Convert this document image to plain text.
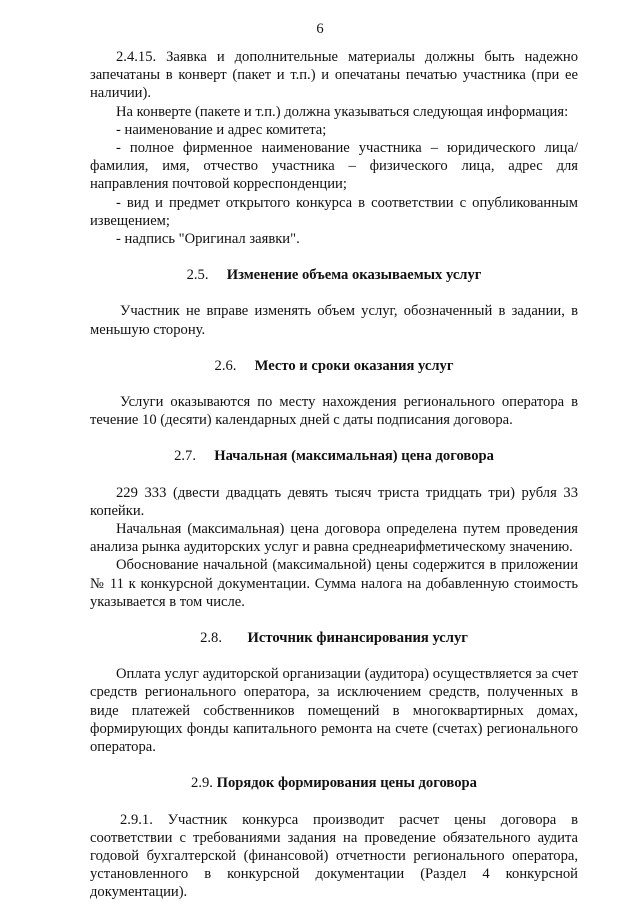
6

2.4.15. Заявка и дополнительные материалы должны быть надежно запечатаны в конверт (пакет и т.п.) и опечатаны печатью участника (при ее наличии).

На конверте (пакете и т.п.) должна указываться следующая информация:

- наименование и адрес комитета;

- полное фирменное наименование участника – юридического лица/фамилия, имя, отчество участника – физического лица, адрес для направления почтовой корреспонденции;

- вид и предмет открытого конкурса в соответствии с опубликованным извещением;

- надпись "Оригинал заявки".

2.5. Изменение объема оказываемых услуг

Участник не вправе изменять объем услуг, обозначенный в задании, в меньшую сторону.

2.6. Место и сроки оказания услуг

Услуги оказываются по месту нахождения регионального оператора в течение 10 (десяти) календарных дней с даты подписания договора.

2.7. Начальная (максимальная) цена договора

229 333 (двести двадцать девять тысяч триста тридцать три) рубля 33 копейки.

Начальная (максимальная) цена договора определена путем проведения анализа рынка аудиторских услуг и равна среднеарифметическому значению.

Обоснование начальной (максимальной) цены содержится в приложении № 11 к конкурсной документации. Сумма налога на добавленную стоимость указывается в том числе.

2.8. Источник финансирования услуг

Оплата услуг аудиторской организации (аудитора) осуществляется за счет средств регионального оператора, за исключением средств, полученных в виде платежей собственников помещений в многоквартирных домах, формирующих фонды капитального ремонта на счете (счетах) регионального оператора.

2.9. Порядок формирования цены договора

2.9.1. Участник конкурса производит расчет цены договора в соответствии с требованиями задания на проведение обязательного аудита годовой бухгалтерской (финансовой) отчетности регионального оператора, установленного в конкурсной документации (Раздел 4 конкурсной документации).
